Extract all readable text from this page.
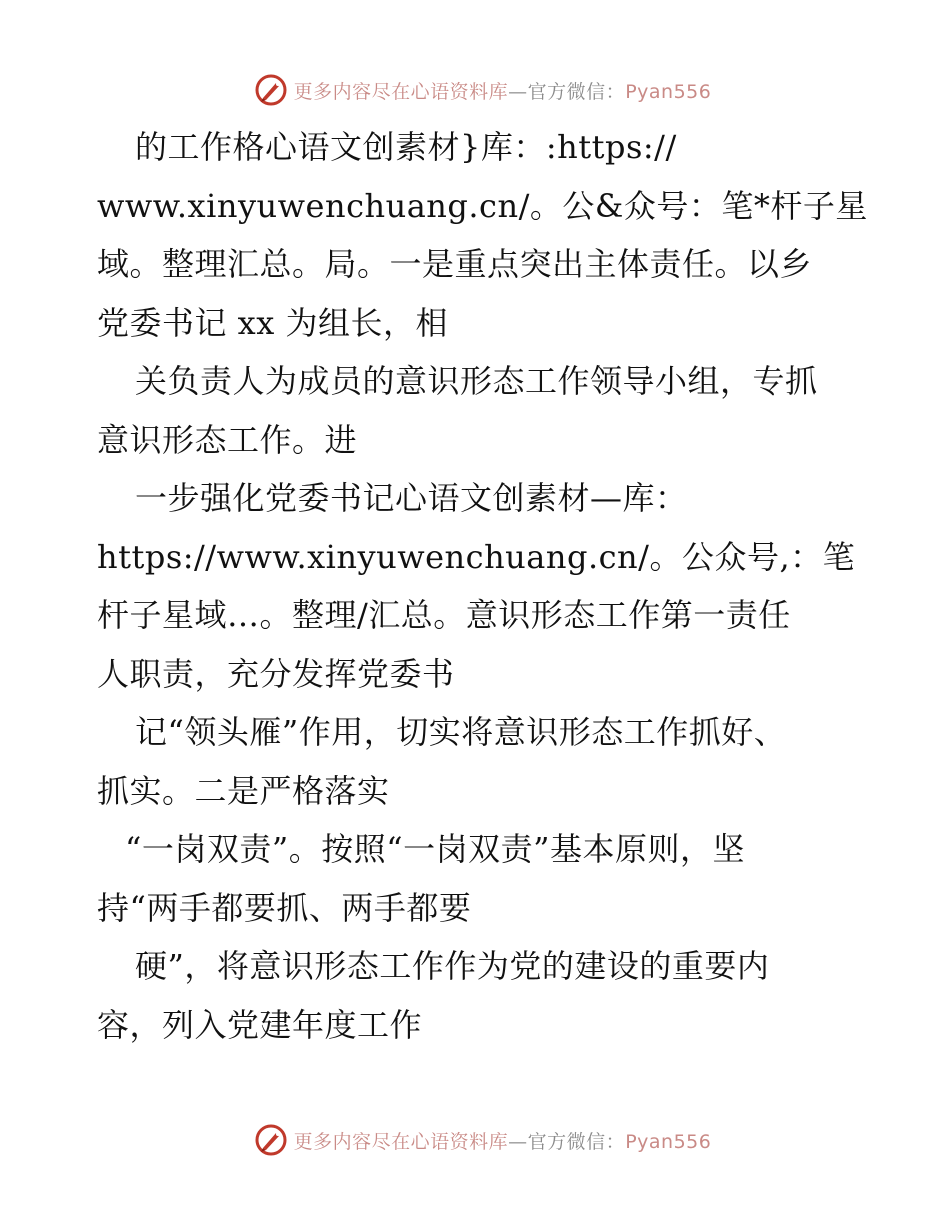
更多内容尽在心语资料库—官方微信：Pyan556
的工作格心语文创素材}库：:https://
www.xinyuwenchuang.cn/。公&众号：笔*杆子星
域。整理汇总。局。一是重点突出主体责任。以乡
党委书记 xx 为组长，相
关负责人为成员的意识形态工作领导小组，专抓
意识形态工作。进
一步强化党委书记心语文创素材—库：
https://www.xinyuwenchuang.cn/。公众号,：笔
杆子星域…。整理/汇总。意识形态工作第一责任
人职责，充分发挥党委书
记“领头雁”作用，切实将意识形态工作抓好、
抓实。二是严格落实
“一岗双责”。按照“一岗双责”基本原则，坚
持“两手都要抓、两手都要
硬”，将意识形态工作作为党的建设的重要内
容，列入党建年度工作
更多内容尽在心语资料库—官方微信：Pyan556
